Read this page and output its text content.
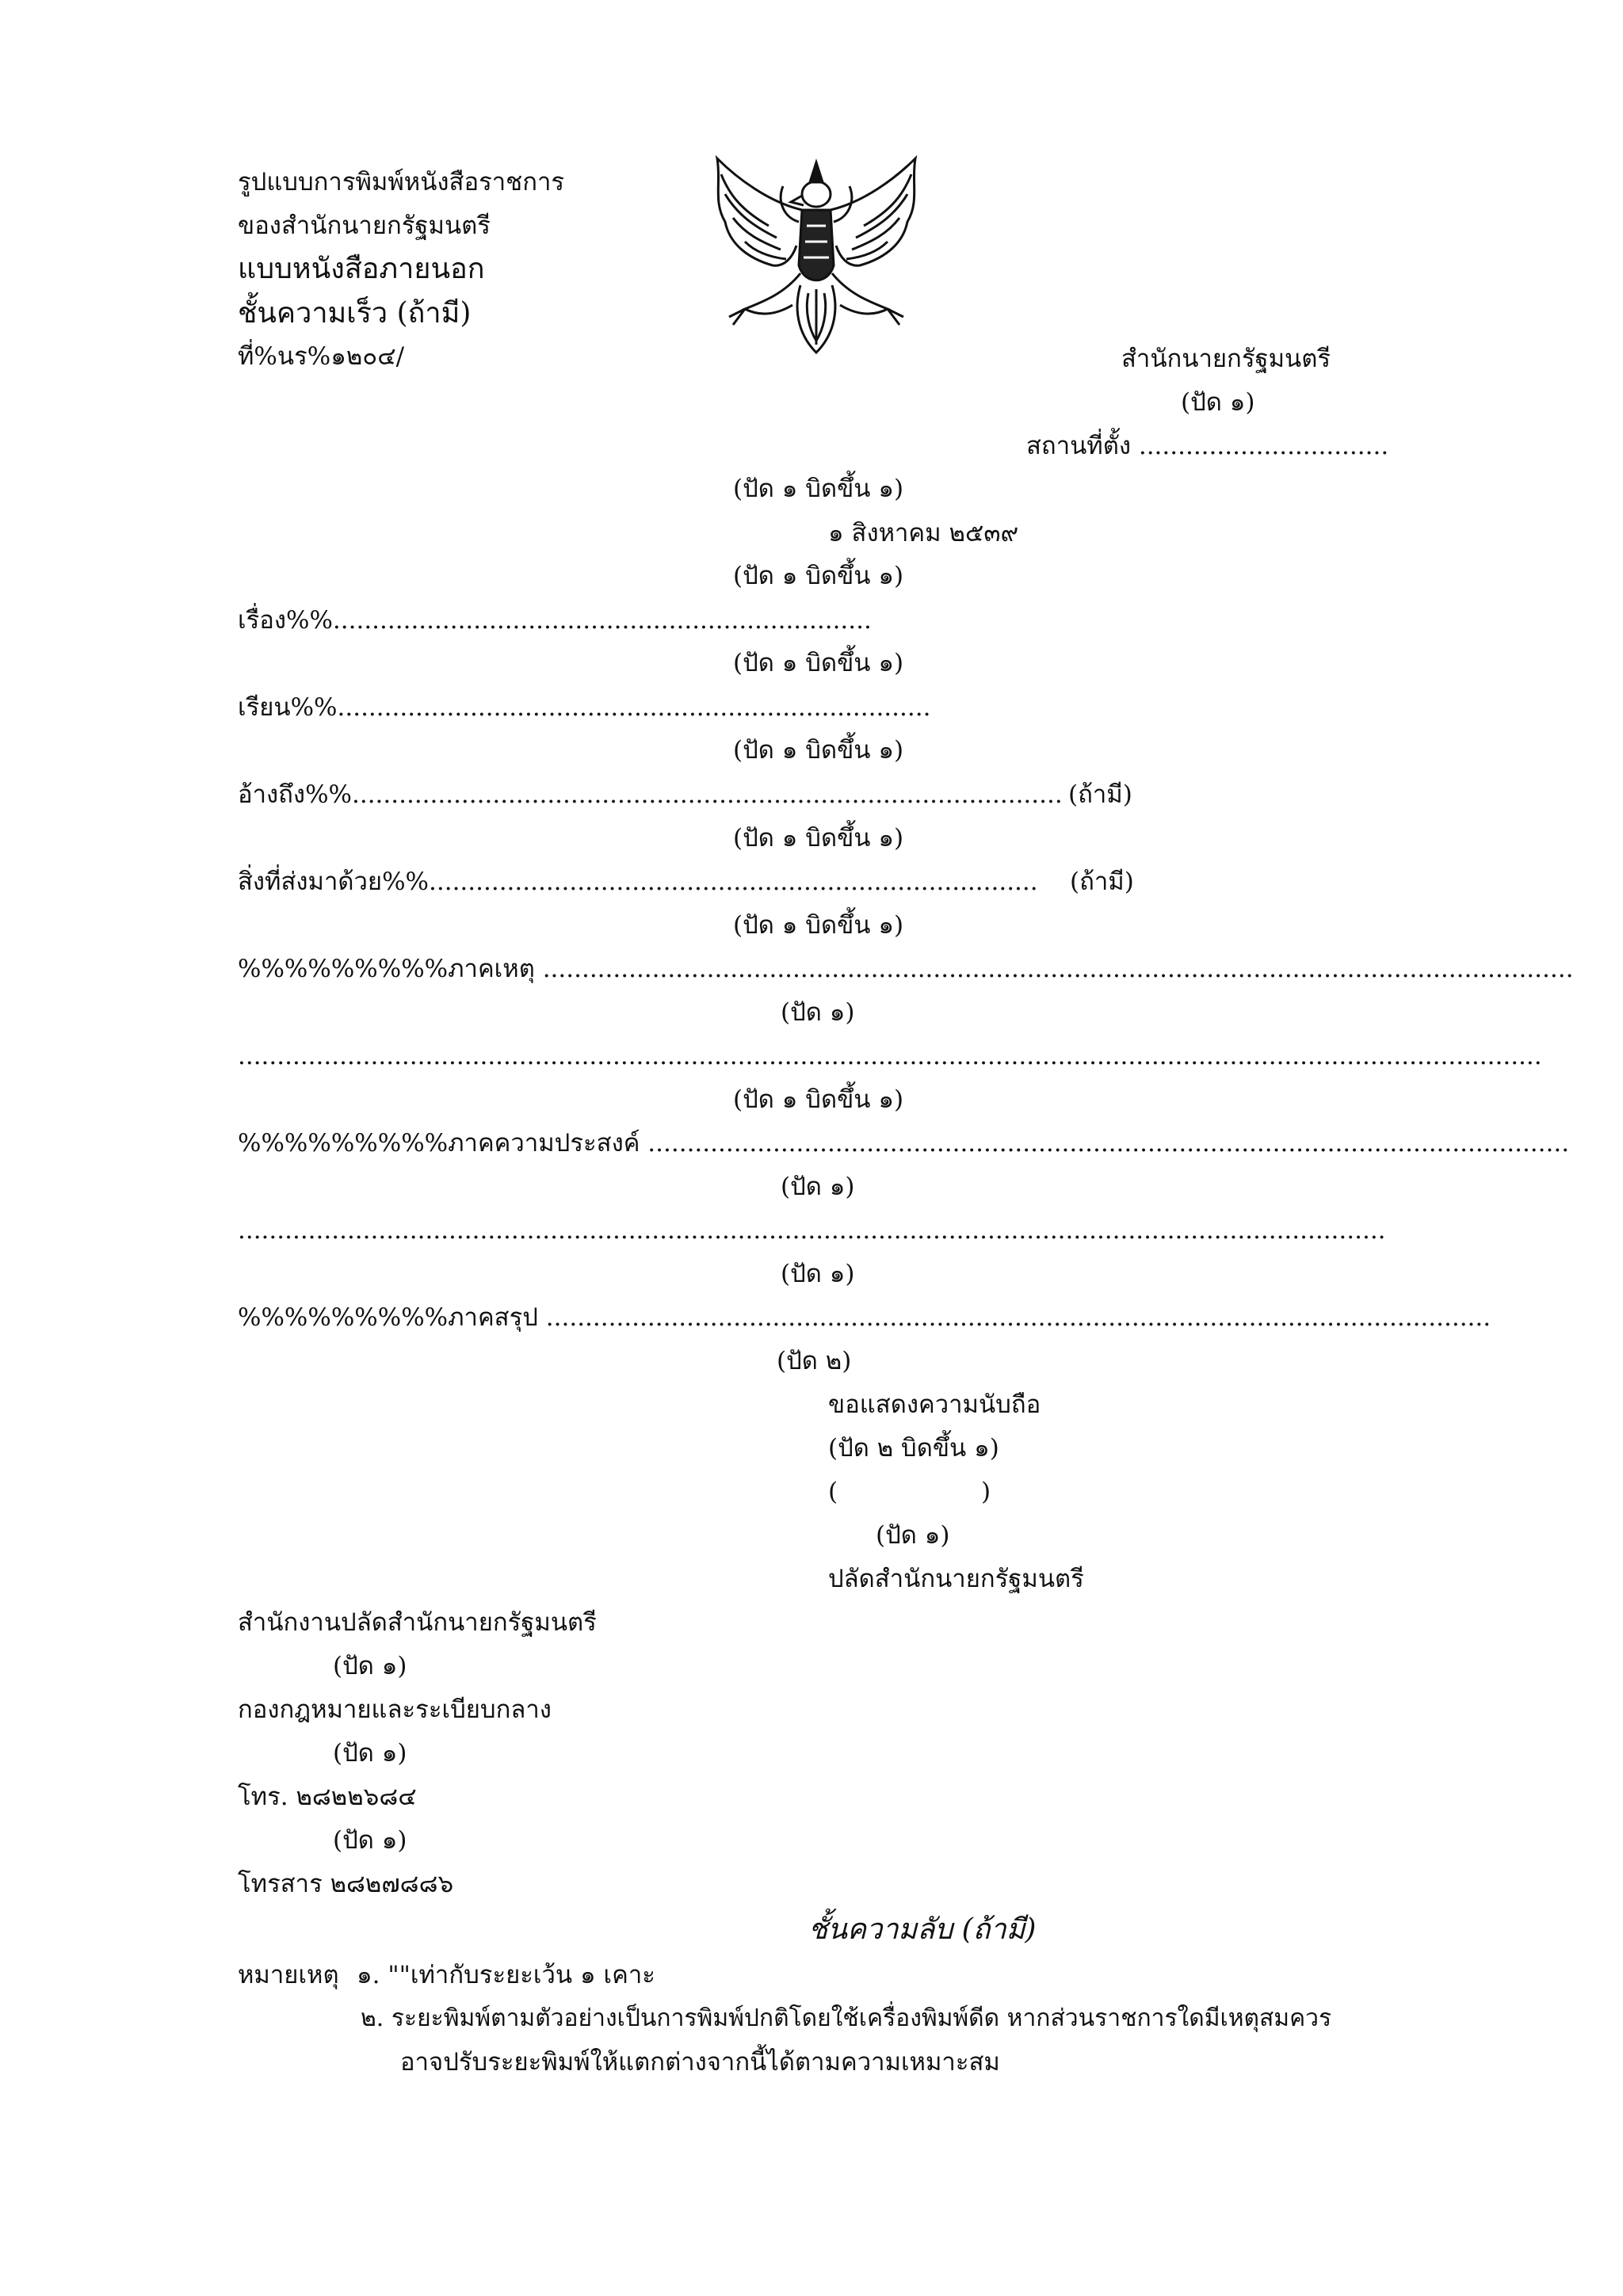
รูปแบบการพิมพ์หนังสือราชการ
ของสำนักนายกรัฐมนตรี
แบบหนังสือภายนอก
ชั้นความเร็ว (ถ้ามี)
ที่%นร%๑๒๐๔/	สำนักนายกรัฐมนตรี
(ปัด ๑)
สถานที่ตั้ง ................................
(ปัด ๑ บิดขึ้น ๑)
๑ สิงหาคม ๒๕๓๙
(ปัด ๑ บิดขึ้น ๑)
เรื่อง%%.....................................................................
(ปัด ๑ บิดขึ้น ๑)
เรียน%%............................................................................
(ปัด ๑ บิดขึ้น ๑)
อ้างถึง%%........................................................................................... (ถ้ามี)
(ปัด ๑ บิดขึ้น ๑)
สิ่งที่ส่งมาด้วย%%.............................................................................. (ถ้ามี)
(ปัด ๑ บิดขึ้น ๑)
%%%%%%%%%ภาคเหตุ ....................................................................................................................................
(ปัด ๑)
.......................................................................................................................................................................
(ปัด ๑ บิดขึ้น ๑)
%%%%%%%%%ภาคความประสงค์ ......................................................................................................................
(ปัด ๑)
...................................................................................................................................................
(ปัด ๑)
%%%%%%%%%ภาคสรุป .........................................................................................................................
(ปัด ๒)
ขอแสดงความนับถือ
(ปัด ๒ บิดขึ้น ๑)
(	)
(ปัด ๑)
ปลัดสำนักนายกรัฐมนตรี
สำนักงานปลัดสำนักนายกรัฐมนตรี
(ปัด ๑)
กองกฎหมายและระเบียบกลาง
(ปัด ๑)
โทร. ๒๘๒๒๖๘๔
(ปัด ๑)
โทรสาร ๒๘๒๗๘๘๖
ชั้นความลับ (ถ้ามี)
หมายเหตุ ๑. ""เท่ากับระยะเว้น ๑ เคาะ
๒. ระยะพิมพ์ตามตัวอย่างเป็นการพิมพ์ปกติโดยใช้เครื่องพิมพ์ดีด หากส่วนราชการใดมีเหตุสมควร
อาจปรับระยะพิมพ์ให้แตกต่างจากนี้ได้ตามความเหมาะสม
